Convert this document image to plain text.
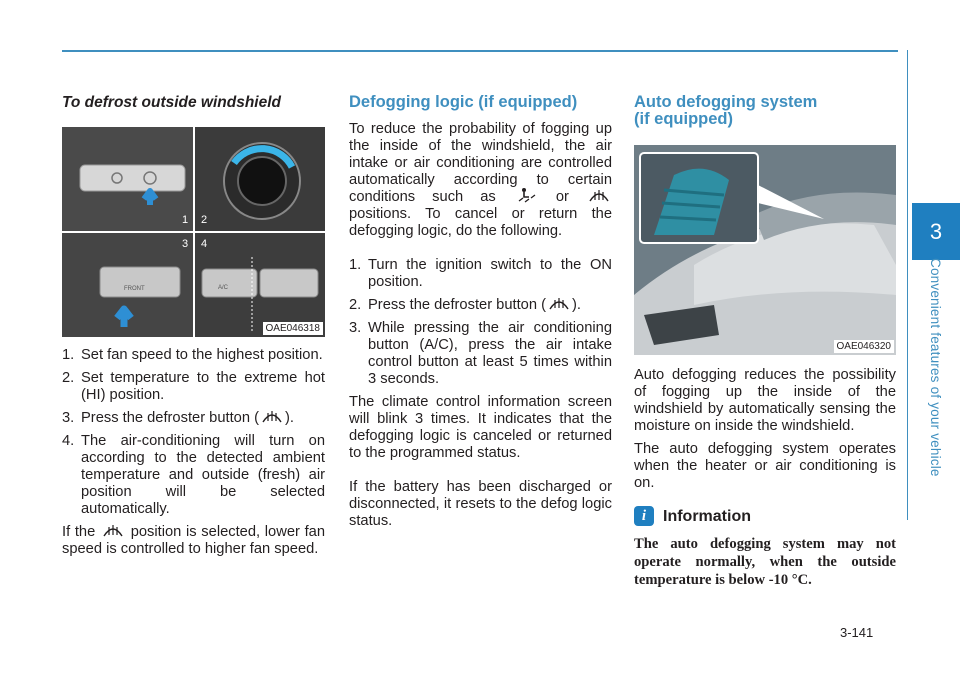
3
Convenient features of your vehicle
To defrost outside windshield
1 2
3 4
FRONT	A/C
OAE046318
1. Set fan speed to the highest position.
2. Set temperature to the extreme hot (HI) position.
3. Press the defroster button ( ).
4. The air-conditioning will turn on according to the detected ambient temperature and outside (fresh) air position will be selected automatically.

If the position is selected, lower fan speed is controlled to higher fan speed.

Defogging logic (if equipped)

To reduce the probability of fogging up the inside of the windshield, the air intake or air conditioning are controlled automatically according to certain conditions such as	or  positions. To cancel or return the defogging logic, do the following.

1. Turn the ignition switch to the ON position.
2. Press the defroster button ( ).
3. While pressing the air conditioning button (A/C), press the air intake control button at least 5 times within 3 seconds.

The climate control information screen will blink 3 times. It indicates that the defogging logic is canceled or returned to the programmed status.

If the battery has been discharged or disconnected, it resets to the defog logic status.

Auto defogging system
(if equipped)
OAE046320

Auto defogging reduces the possibility of fogging up the inside of the windshield by automatically sensing the moisture on inside the windshield.

The auto defogging system operates when the heater or air conditioning is on.

i	Information
The auto defogging system may not operate normally, when the outside temperature is below -10 °C.
3-141
